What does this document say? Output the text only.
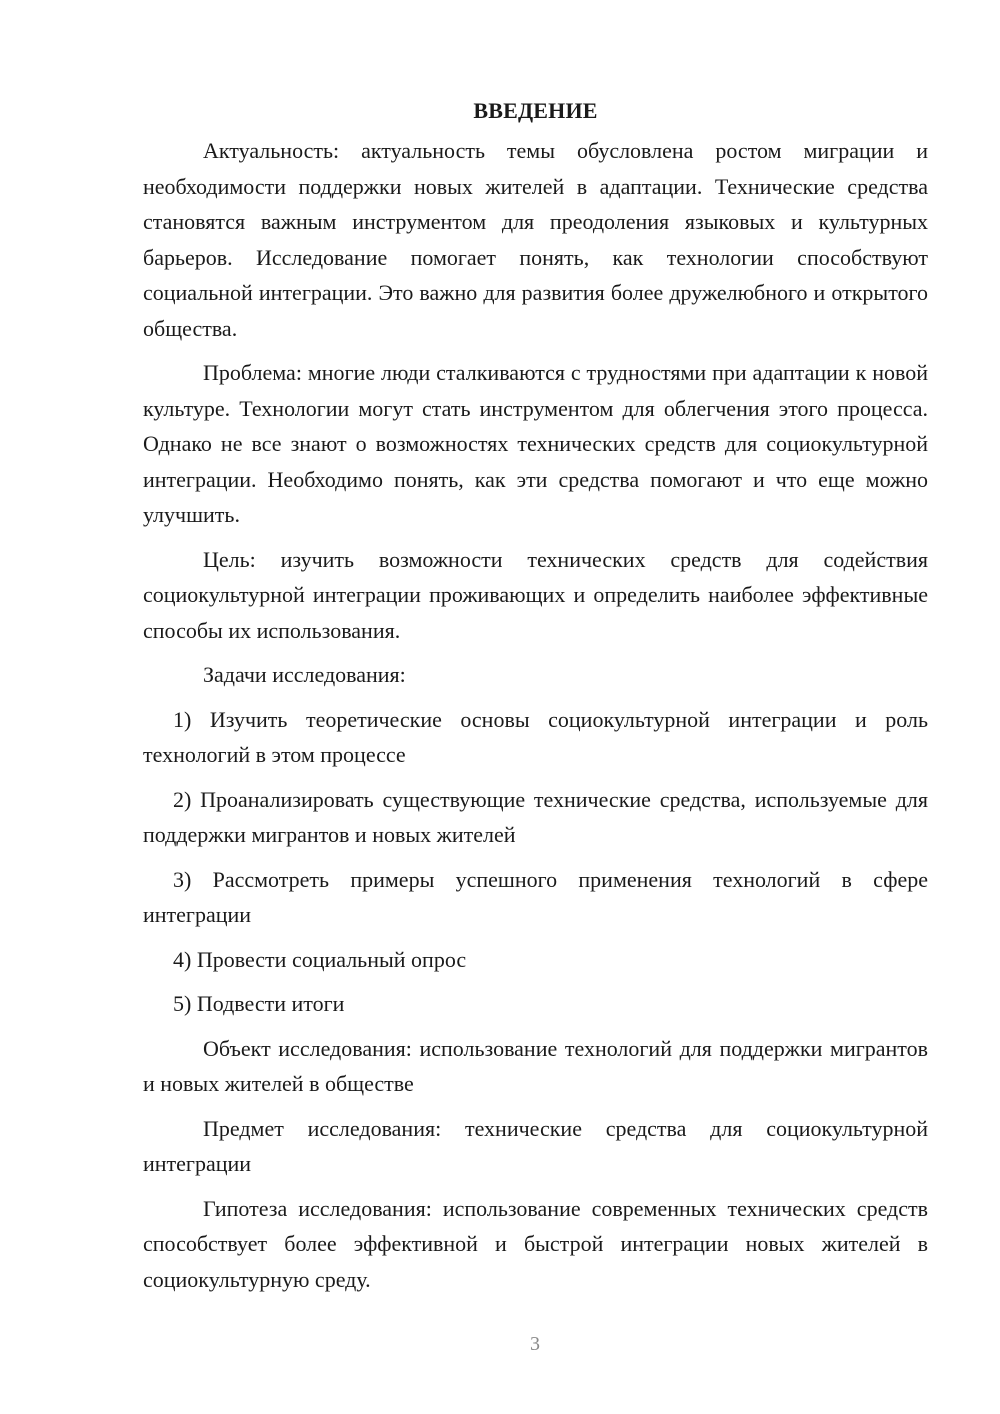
ВВЕДЕНИЕ

Актуальность: актуальность темы обусловлена ростом миграции и необходимости поддержки новых жителей в адаптации. Технические средства становятся важным инструментом для преодоления языковых и культурных барьеров. Исследование помогает понять, как технологии способствуют социальной интеграции. Это важно для развития более дружелюбного и открытого общества.

Проблема: многие люди сталкиваются с трудностями при адаптации к новой культуре. Технологии могут стать инструментом для облегчения этого процесса. Однако не все знают о возможностях технических средств для социокультурной интеграции. Необходимо понять, как эти средства помогают и что еще можно улучшить.

Цель: изучить возможности технических средств для содействия социокультурной интеграции проживающих и определить наиболее эффективные способы их использования.

Задачи исследования:

1) Изучить теоретические основы социокультурной интеграции и роль технологий в этом процессе

2) Проанализировать существующие технические средства, используемые для поддержки мигрантов и новых жителей

3) Рассмотреть примеры успешного применения технологий в сфере интеграции

4) Провести социальный опрос

5) Подвести итоги

Объект исследования: использование технологий для поддержки мигрантов и новых жителей в обществе

Предмет исследования: технические средства для социокультурной интеграции

Гипотеза исследования: использование современных технических средств способствует более эффективной и быстрой интеграции новых жителей в социокультурную среду.

3
